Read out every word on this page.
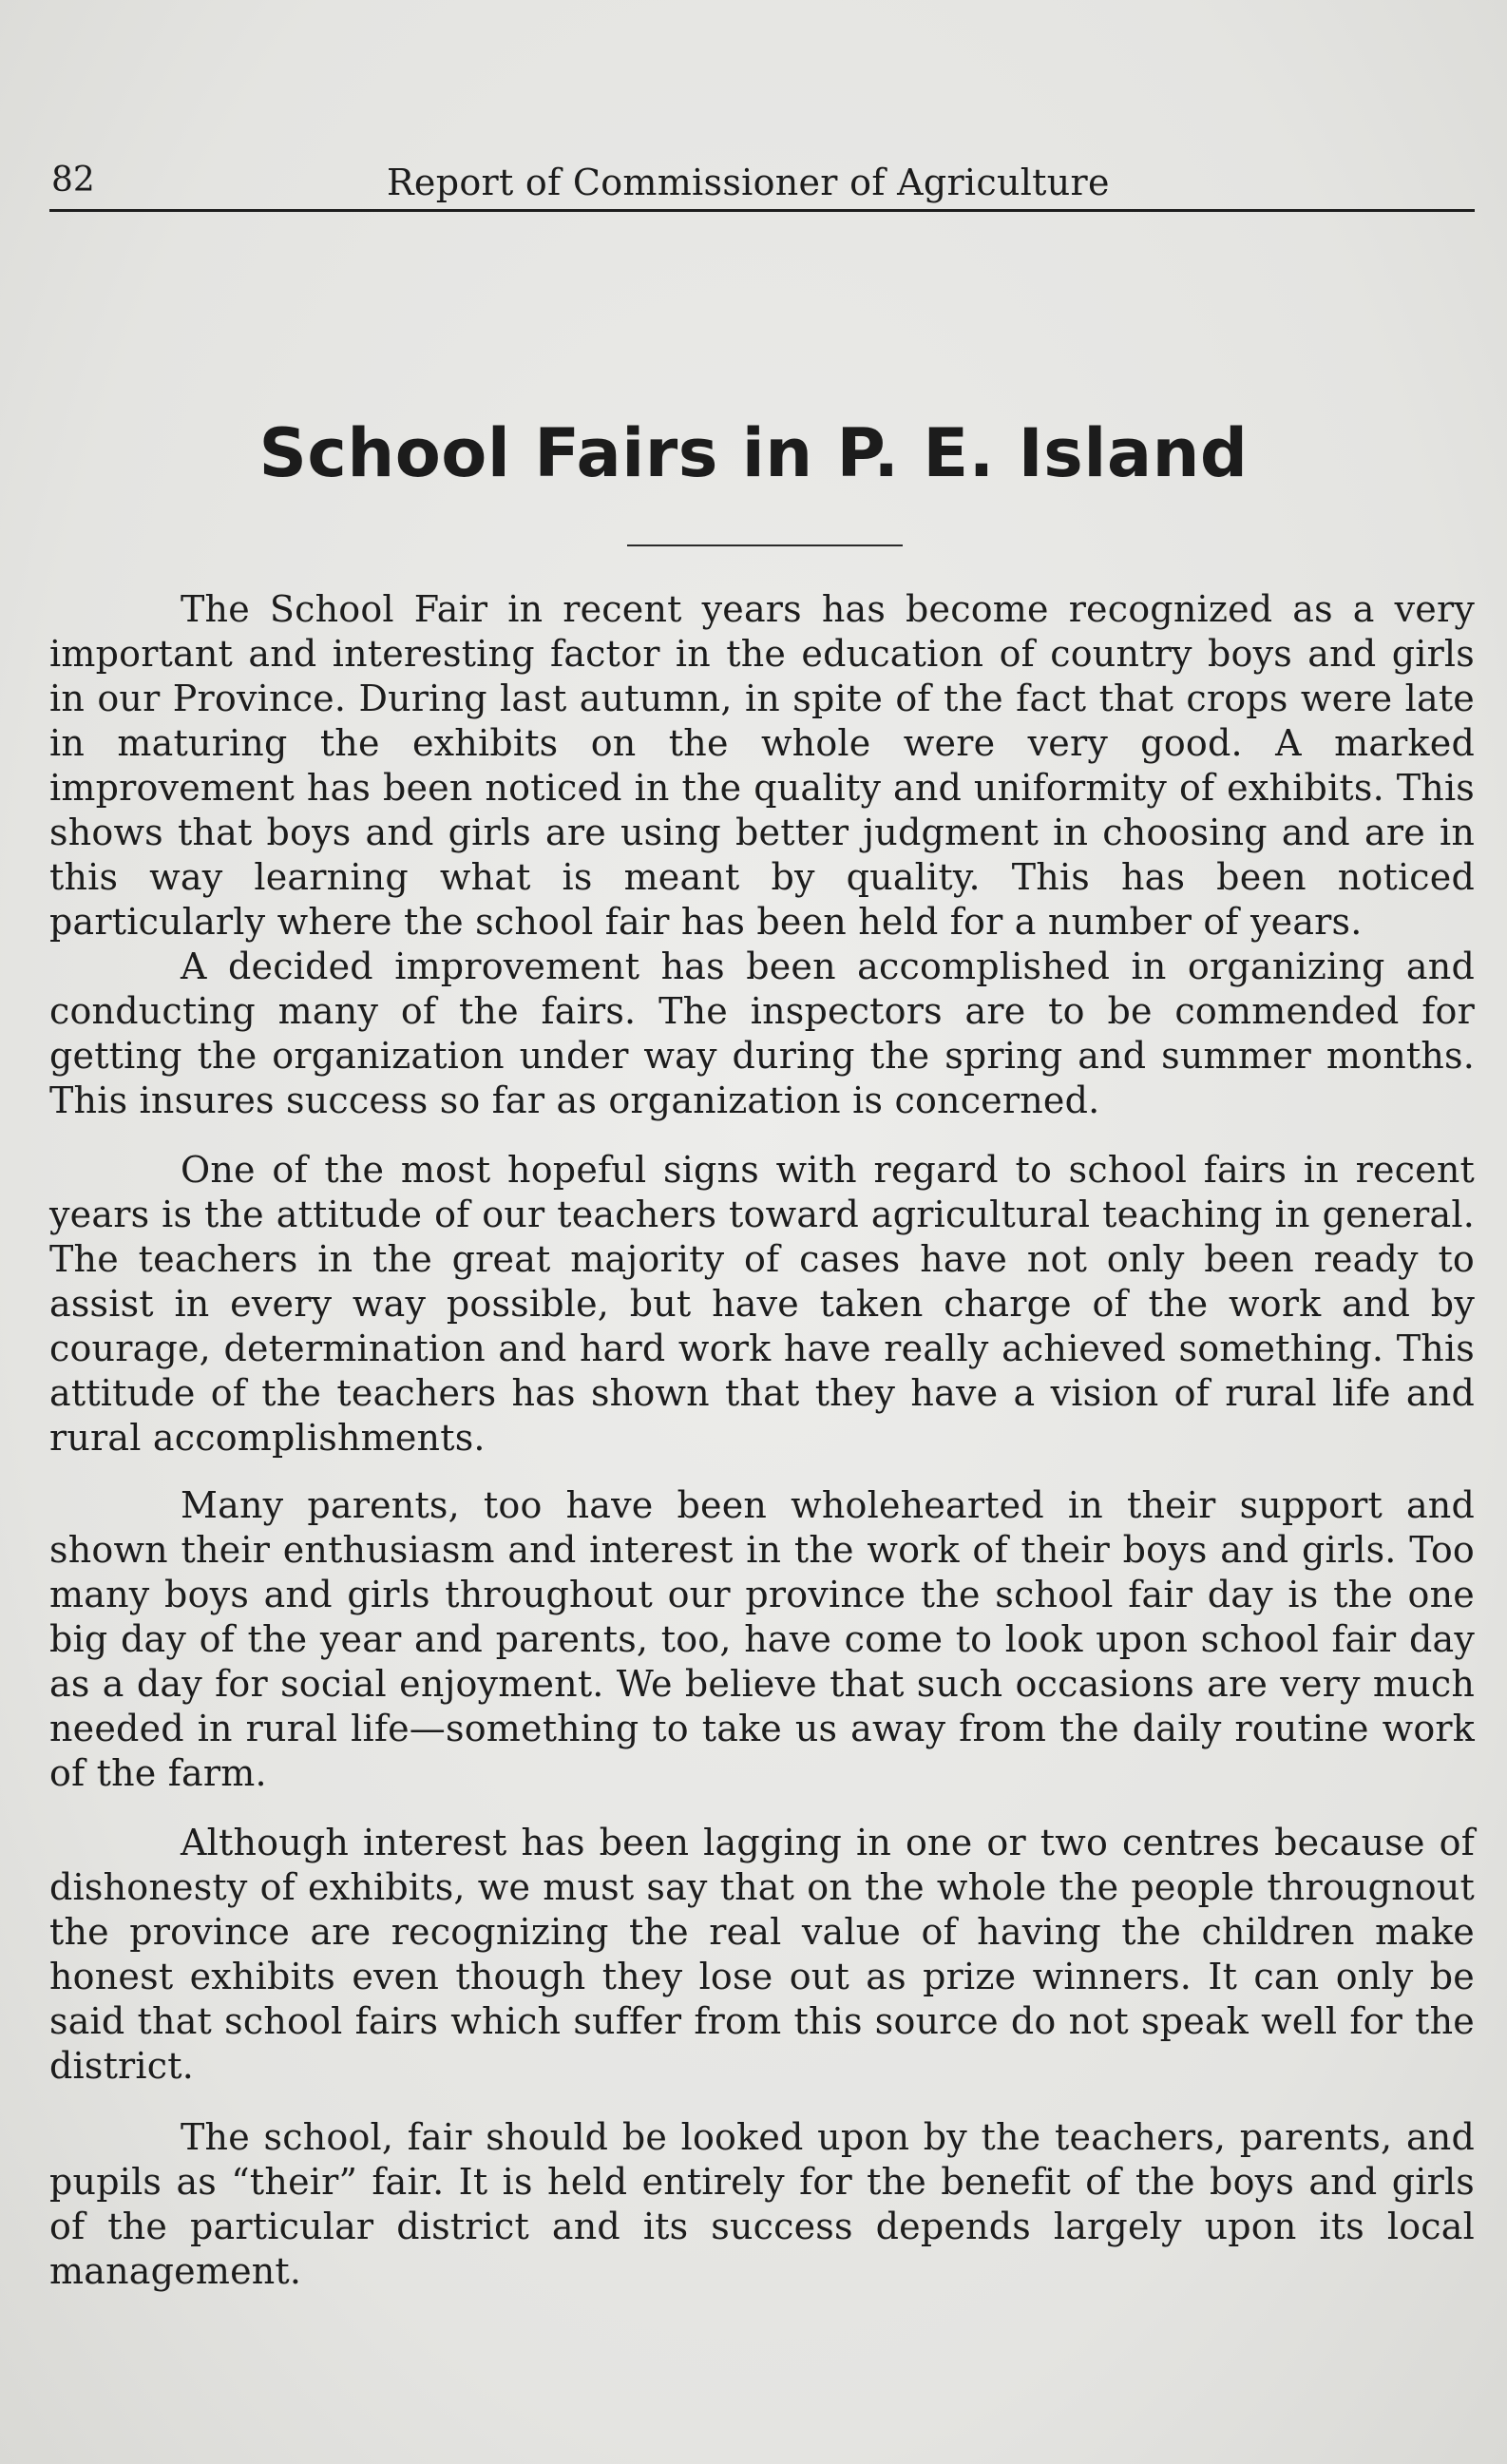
82	Report of Commissioner of Agriculture
School Fairs in P. E. Island

The School Fair in recent years has become recognized as a very important and interesting factor in the education of country boys and girls in our Province. During last autumn, in spite of the fact that crops were late in maturing the exhibits on the whole were very good. A marked improvement has been noticed in the quality and uniformity of exhibits. This shows that boys and girls are using better judgment in choosing and are in this way learning what is meant by quality. This has been noticed particularly where the school fair has been held for a number of years.

A decided improvement has been accomplished in organizing and conducting many of the fairs. The inspectors are to be commended for getting the organization under way during the spring and summer months. This insures success so far as organization is concerned.

One of the most hopeful signs with regard to school fairs in recent years is the attitude of our teachers toward agricultural teaching in general. The teachers in the great majority of cases have not only been ready to assist in every way possible, but have taken charge of the work and by courage, determination and hard work have really achieved something. This attitude of the teachers has shown that they have a vision of rural life and rural accomplishments.

Many parents, too have been wholehearted in their support and shown their enthusiasm and interest in the work of their boys and girls. Too many boys and girls throughout our province the school fair day is the one big day of the year and parents, too, have come to look upon school fair day as a day for social enjoyment. We believe that such occasions are very much needed in rural life—something to take us away from the daily routine work of the farm.

Although interest has been lagging in one or two centres because of dishonesty of exhibits, we must say that on the whole the people througnout the province are recognizing the real value of having the children make honest exhibits even though they lose out as prize winners. It can only be said that school fairs which suffer from this source do not speak well for the district.

The school, fair should be looked upon by the teachers, parents, and pupils as “their” fair. It is held entirely for the benefit of the boys and girls of the particular district and its success depends largely upon its local management.
